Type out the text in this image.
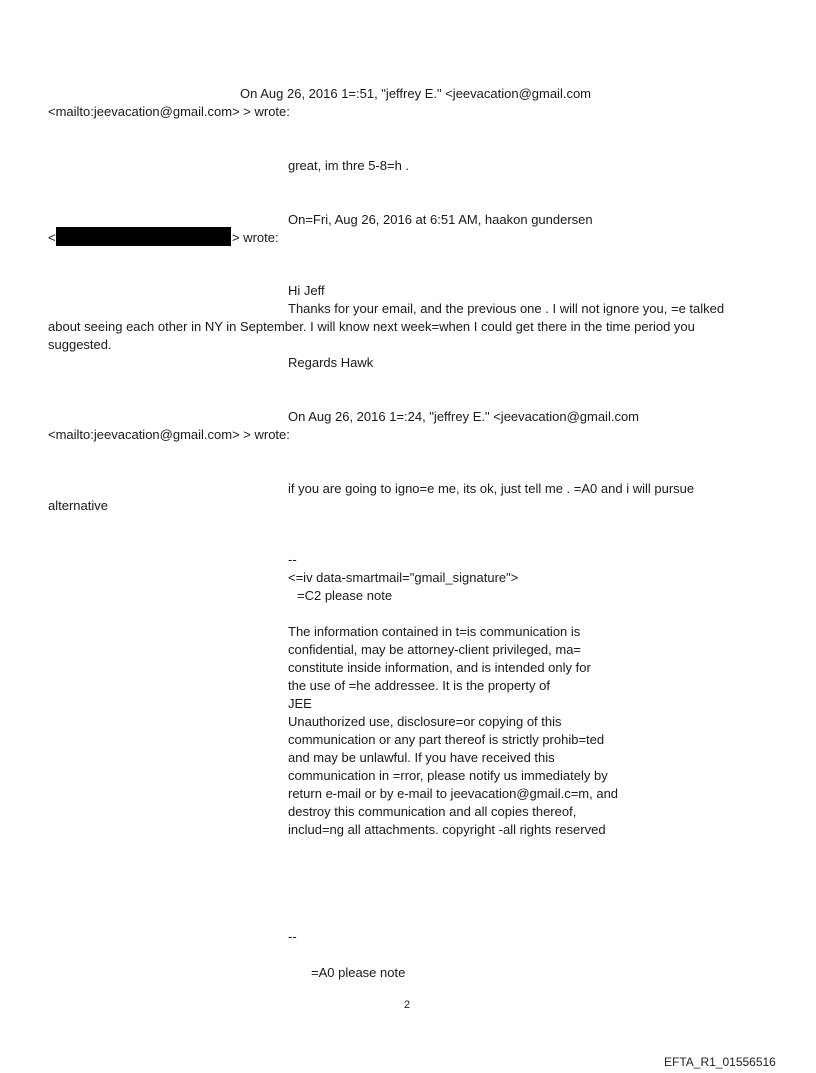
On Aug 26, 2016 1=:51, "jeffrey E." <jeevacation@gmail.com

<mailto:jeevacation@gmail.com> > wrote:

great, im thre 5-8=h .

On=Fri, Aug 26, 2016 at 6:51 AM, haakon gundersen

<	> wrote:

Hi Jeff

Thanks for your email, and the previous one . I will not ignore you, =e talked

about seeing each other in NY in September. I will know next week=when I could get there in the time period you

suggested.

Regards Hawk

On Aug 26, 2016 1=:24, "jeffrey E." <jeevacation@gmail.com

<mailto:jeevacation@gmail.com> > wrote:

if you are going to igno=e me, its ok, just tell me . =A0 and i will pursue

alternative

--

<=iv data-smartmail="gmail_signature">

=C2 please note

The information contained in t=is communication is

confidential, may be attorney-client privileged, ma=

constitute inside information, and is intended only for

the use of =he addressee. It is the property of

JEE

Unauthorized use, disclosure=or copying of this

communication or any part thereof is strictly prohib=ted

and may be unlawful. If you have received this

communication in =rror, please notify us immediately by

return e-mail or by e-mail to jeevacation@gmail.c=m, and

destroy this communication and all copies thereof,

includ=ng all attachments. copyright -all rights reserved

--

=A0 please note

2

EFTA_R1_01556516
